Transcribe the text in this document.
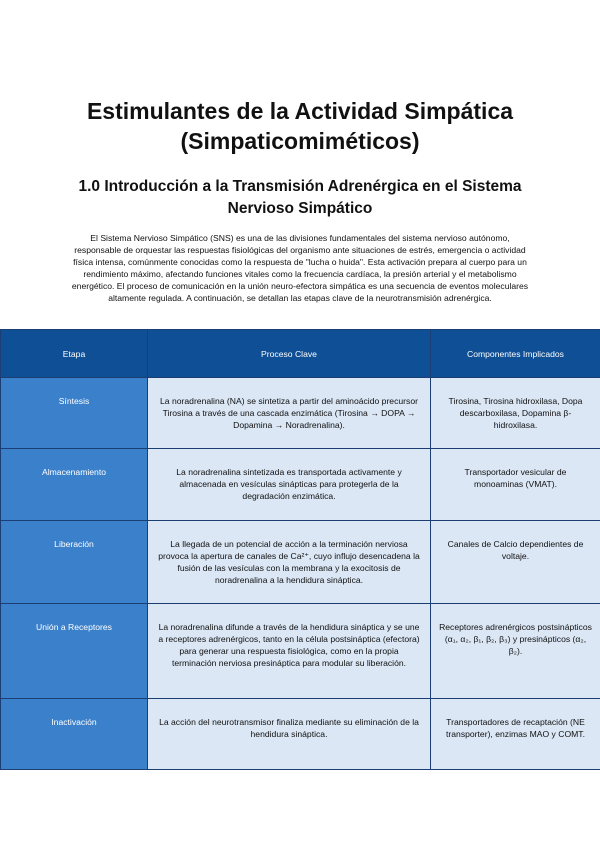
Estimulantes de la Actividad Simpática (Simpaticomiméticos)
1.0 Introducción a la Transmisión Adrenérgica en el Sistema Nervioso Simpático

El Sistema Nervioso Simpático (SNS) es una de las divisiones fundamentales del sistema nervioso autónomo, responsable de orquestar las respuestas fisiológicas del organismo ante situaciones de estrés, emergencia o actividad física intensa, comúnmente conocidas como la respuesta de "lucha o huida". Esta activación prepara al cuerpo para un rendimiento máximo, afectando funciones vitales como la frecuencia cardíaca, la presión arterial y el metabolismo energético. El proceso de comunicación en la unión neuro-efectora simpática es una secuencia de eventos moleculares altamente regulada. A continuación, se detallan las etapas clave de la neurotransmisión adrenérgica.

Etapa	Proceso Clave	Componentes Implicados

Síntesis	La noradrenalina (NA) se sintetiza a partir del aminoácido precursor Tirosina a través de una cascada enzimática (Tirosina → DOPA → Dopamina → Noradrenalina).	Tirosina, Tirosina hidroxilasa, Dopa descarboxilasa, Dopamina β-hidroxilasa.

Almacenamiento	La noradrenalina sintetizada es transportada activamente y almacenada en vesículas sinápticas para protegerla de la degradación enzimática.	Transportador vesicular de monoaminas (VMAT).

Liberación	La llegada de un potencial de acción a la terminación nerviosa provoca la apertura de canales de Ca²⁺, cuyo influjo desencadena la fusión de las vesículas con la membrana y la exocitosis de noradrenalina a la hendidura sináptica.	Canales de Calcio dependientes de voltaje.

Unión a Receptores	La noradrenalina difunde a través de la hendidura sináptica y se une a receptores adrenérgicos, tanto en la célula postsináptica (efectora) para generar una respuesta fisiológica, como en la propia terminación nerviosa presináptica para modular su liberación.	Receptores adrenérgicos postsinápticos (α₁, α₂, β₁, β₂, β₃) y presinápticos (α₂, β₂).

Inactivación	La acción del neurotransmisor finaliza mediante su eliminación de la hendidura sináptica.	Transportadores de recaptación (NE transporter), enzimas MAO y COMT.
